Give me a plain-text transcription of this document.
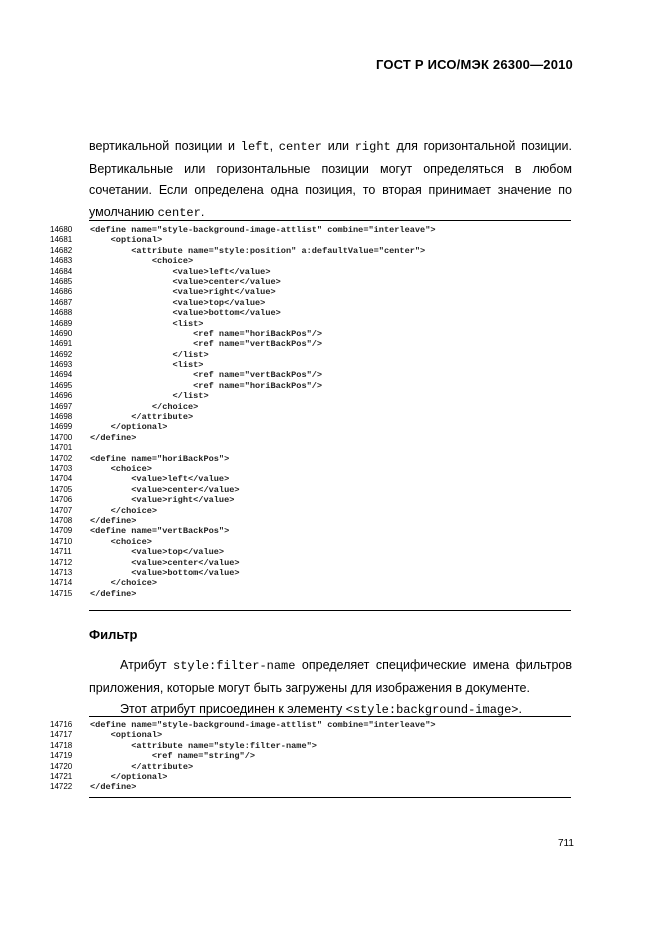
ГОСТ Р ИСО/МЭК 26300—2010
вертикальной позиции и left, center или right для горизонтальной позиции.
Вертикальные или горизонтальные позиции могут определяться в любом
сочетании. Если определена одна позиция, то вторая принимает значение по
умолчанию center.
14680	<define name="style-background-image-attlist" combine="interleave">
14681	<optional>
14682	<attribute name="style:position" a:defaultValue="center">
14683	<choice>
14684	<value>left</value>
14685	<value>center</value>
14686	<value>right</value>
14687	<value>top</value>
14688	<value>bottom</value>
14689	<list>
14690	<ref name="horiBackPos"/>
14691	<ref name="vertBackPos"/>
14692	</list>
14693	<list>
14694	<ref name="vertBackPos"/>
14695	<ref name="horiBackPos"/>
14696	</list>
14697	</choice>
14698	</attribute>
14699	</optional>
14700	</define>
14701
14702	<define name="horiBackPos">
14703	<choice>
14704	<value>left</value>
14705	<value>center</value>
14706	<value>right</value>
14707	</choice>
14708	</define>
14709	<define name="vertBackPos">
14710	<choice>
14711	<value>top</value>
14712	<value>center</value>
14713	<value>bottom</value>
14714	</choice>
14715	</define>
Фильтр
Атрибут style:filter-name определяет специфические имена фильтров
приложения, которые могут быть загружены для изображения в документе.
Этот атрибут присоединен к элементу <style:background-image>.
14716	<define name="style-background-image-attlist" combine="interleave">
14717	<optional>
14718	<attribute name="style:filter-name">
14719	<ref name="string"/>
14720	</attribute>
14721	</optional>
14722	</define>
711
